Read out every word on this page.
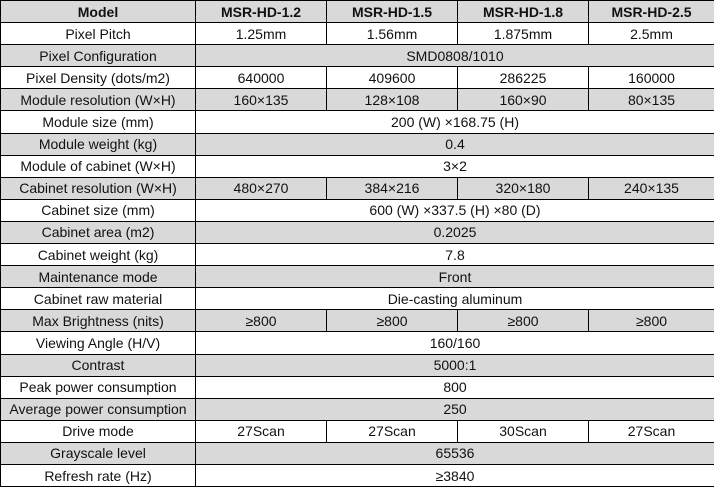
Model	MSR-HD-1.2	MSR-HD-1.5	MSR-HD-1.8	MSR-HD-2.5
Pixel Pitch	1.25mm	1.56mm	1.875mm	2.5mm
Pixel Configuration	SMD0808/1010			
Pixel Density (dots/m2)	640000	409600	286225	160000
Module resolution (W×H)	160×135	128×108	160×90	80×135
Module size (mm)	200 (W) ×168.75 (H)			
Module weight (kg)	0.4			
Module of cabinet (W×H)	3×2			
Cabinet resolution (W×H)	480×270	384×216	320×180	240×135
Cabinet size (mm)	600 (W) ×337.5 (H) ×80 (D)			
Cabinet area (m2)	0.2025			
Cabinet weight (kg)	7.8			
Maintenance mode	Front			
Cabinet raw material	Die-casting aluminum			
Max Brightness (nits)	≥800	≥800	≥800	≥800
Viewing Angle (H/V)	160/160			
Contrast	5000:1			
Peak power consumption	800			
Average power consumption	250			
Drive mode	27Scan	27Scan	30Scan	27Scan
Grayscale level	65536			
Refresh rate (Hz)	≥3840			
